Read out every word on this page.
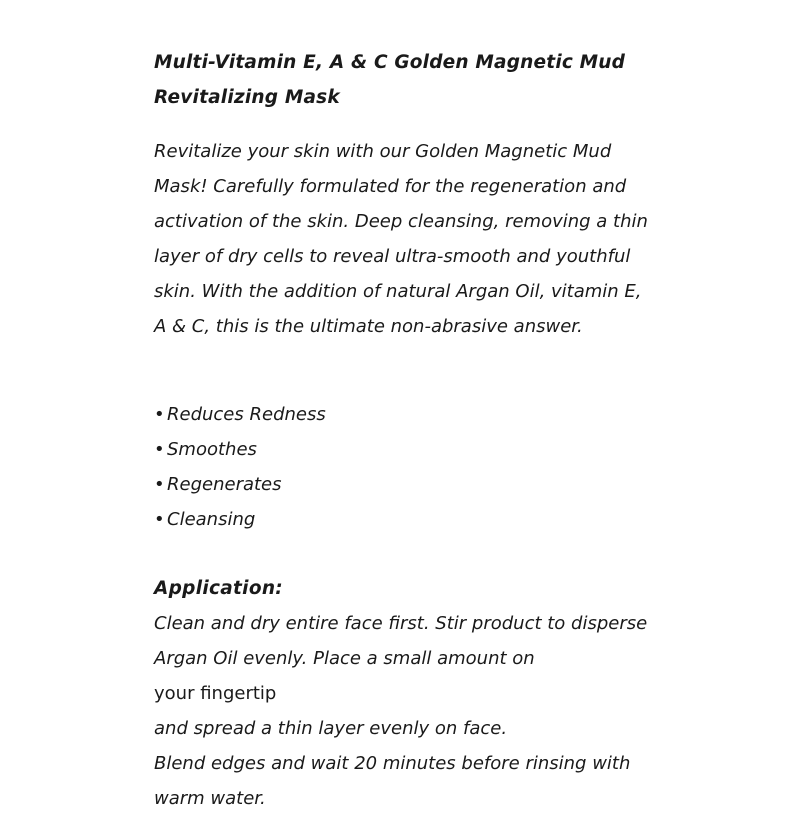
Multi-Vitamin E, A & C Golden Magnetic Mud
Revitalizing Mask
Revitalize your skin with our Golden Magnetic Mud
Mask! Carefully formulated for the regeneration and
activation of the skin. Deep cleansing, removing a thin
layer of dry cells to reveal ultra-smooth and youthful
skin. With the addition of natural Argan Oil, vitamin E,
A & C, this is the ultimate non-abrasive answer.
• Reduces Redness
• Smoothes
• Regenerates
• Cleansing
Application:
Clean and dry entire face first. Stir product to disperse
Argan Oil evenly. Place a small amount on
your fingertip
and spread a thin layer evenly on face.
Blend edges and wait 20 minutes before rinsing with
warm water.
